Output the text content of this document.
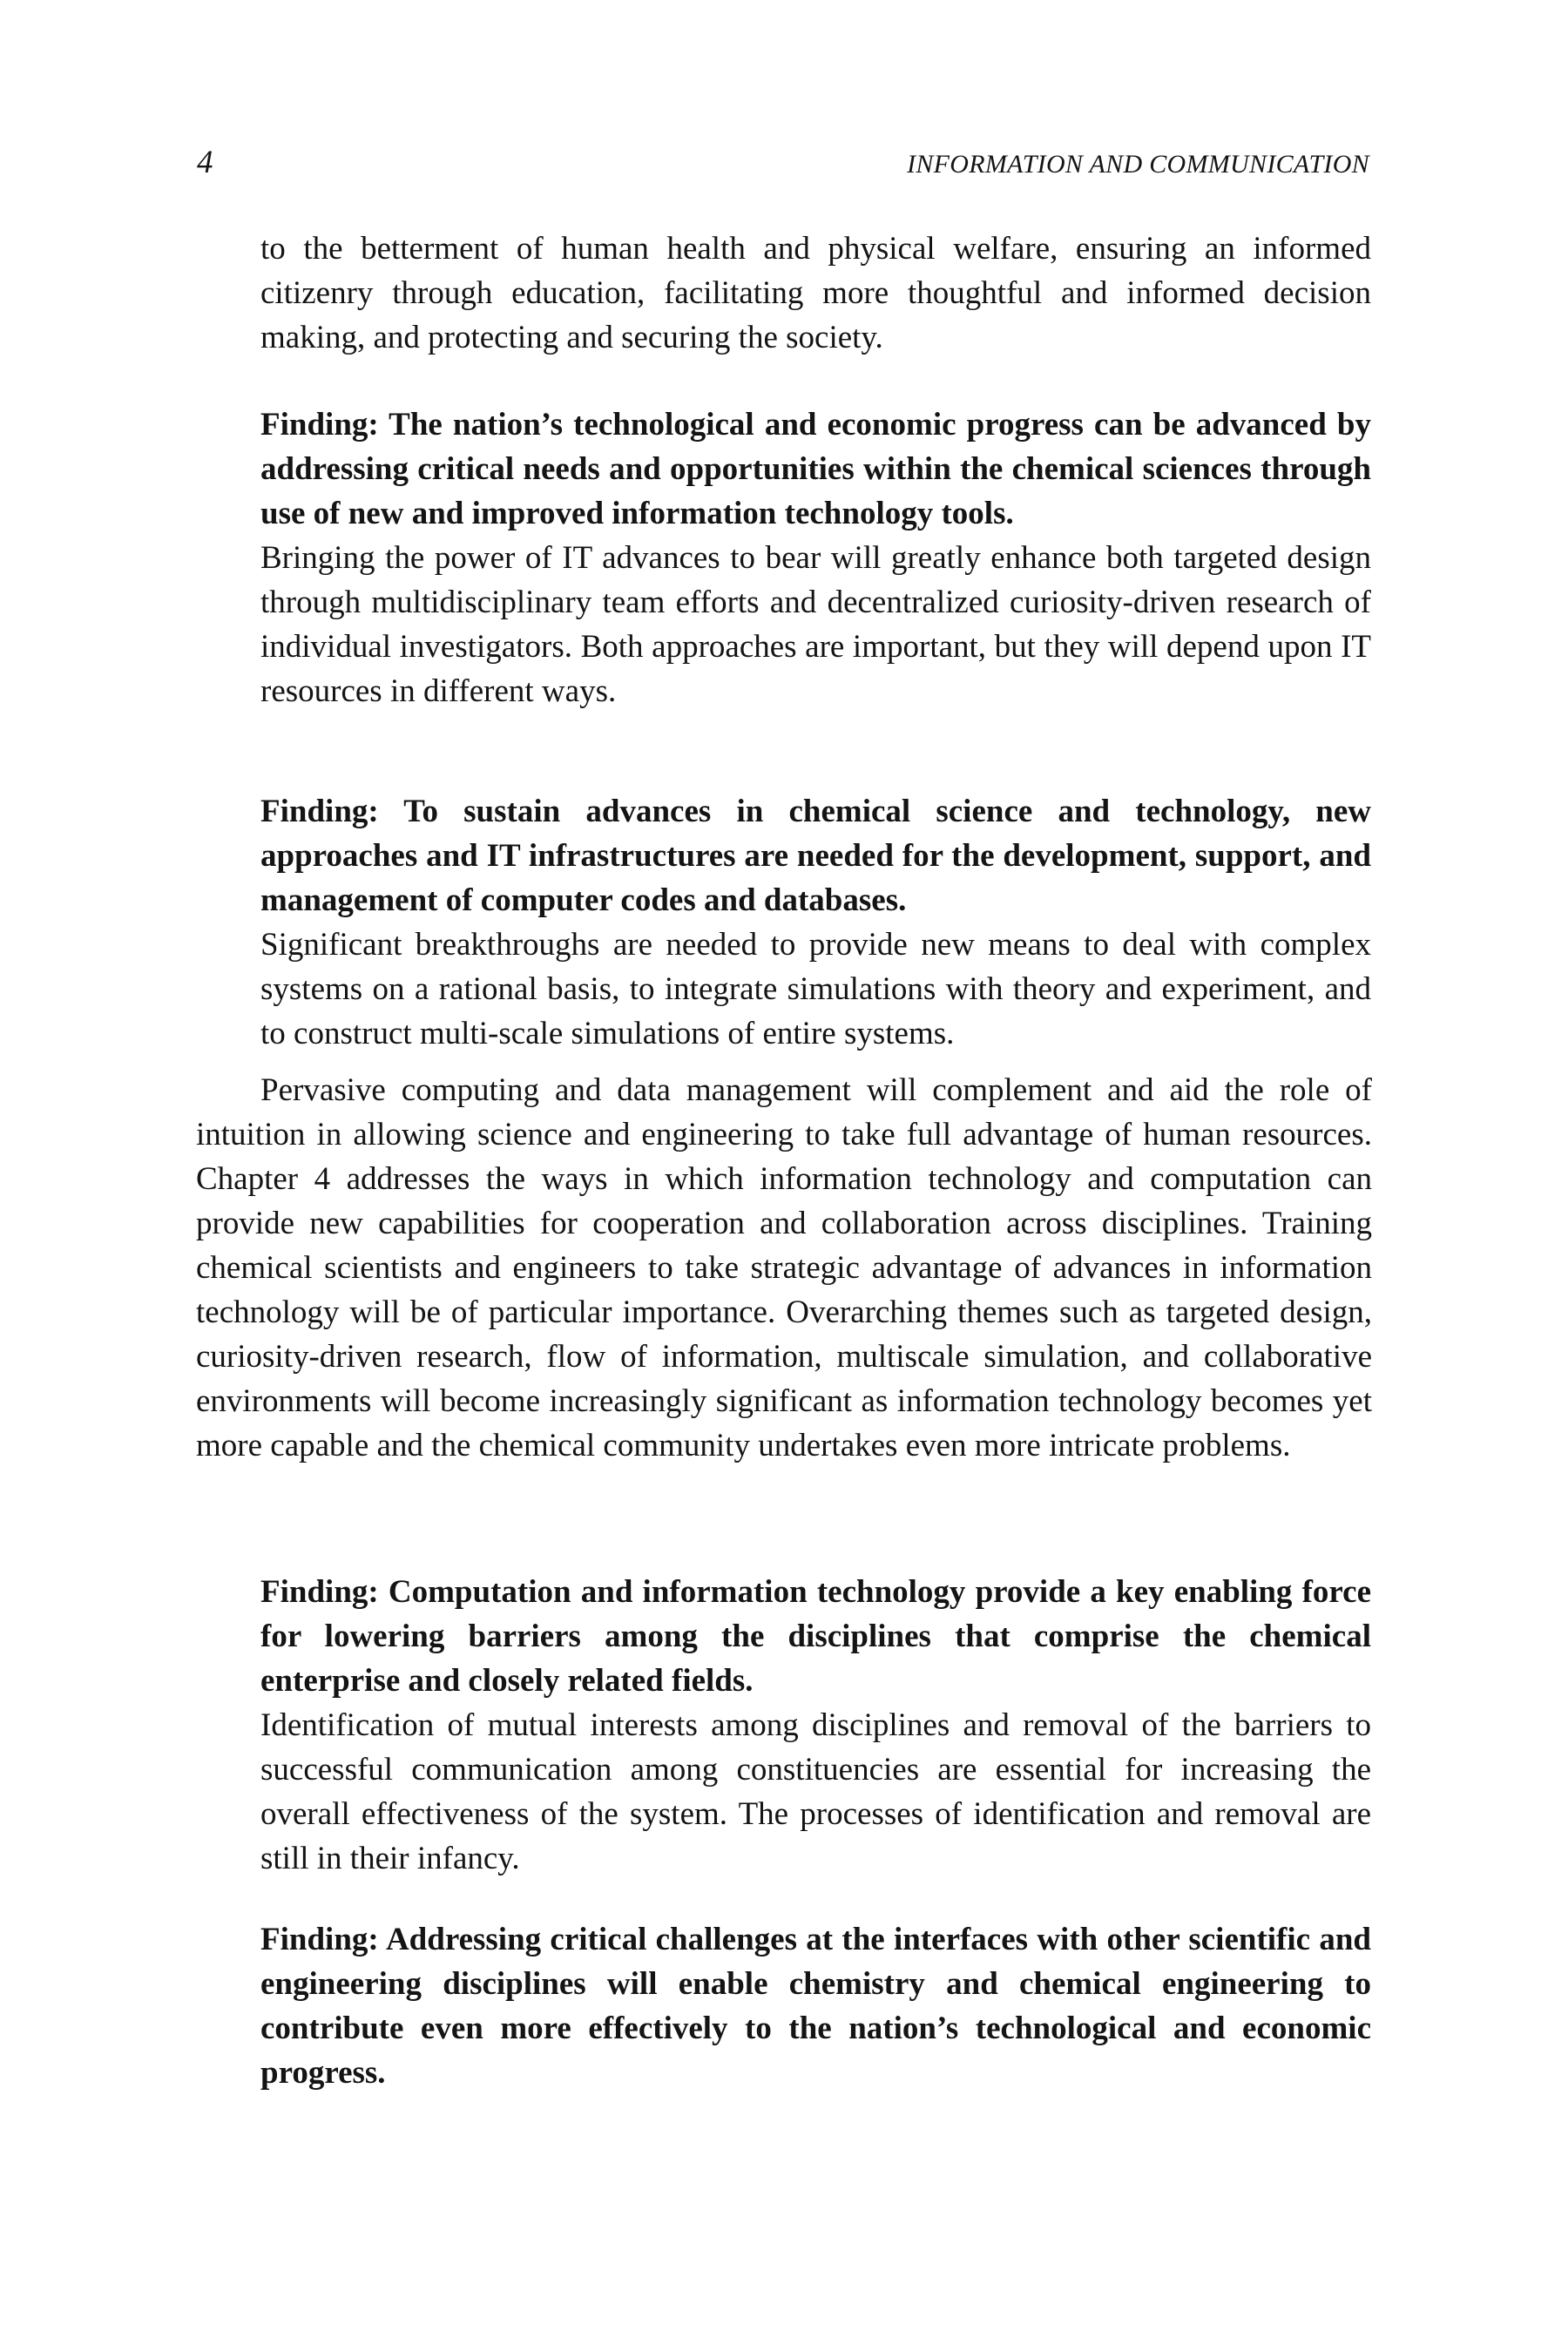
4	INFORMATION AND COMMUNICATION

to the betterment of human health and physical welfare, ensuring an informed citizenry through education, facilitating more thoughtful and informed decision making, and protecting and securing the society.

Finding: The nation’s technological and economic progress can be advanced by addressing critical needs and opportunities within the chemical sciences through use of new and improved information technology tools.

Bringing the power of IT advances to bear will greatly enhance both targeted design through multidisciplinary team efforts and decentralized curiosity-driven research of individual investigators. Both approaches are important, but they will depend upon IT resources in different ways.

Finding: To sustain advances in chemical science and technology, new approaches and IT infrastructures are needed for the development, support, and management of computer codes and databases.

Significant breakthroughs are needed to provide new means to deal with complex systems on a rational basis, to integrate simulations with theory and experiment, and to construct multi-scale simulations of entire systems.

Pervasive computing and data management will complement and aid the role of intuition in allowing science and engineering to take full advantage of human resources. Chapter 4 addresses the ways in which information technology and computation can provide new capabilities for cooperation and collaboration across disciplines. Training chemical scientists and engineers to take strategic advantage of advances in information technology will be of particular importance. Overarching themes such as targeted design, curiosity-driven research, flow of information, multiscale simulation, and collaborative environments will become increasingly significant as information technology becomes yet more capable and the chemical community undertakes even more intricate problems.

Finding: Computation and information technology provide a key enabling force for lowering barriers among the disciplines that comprise the chemical enterprise and closely related fields.

Identification of mutual interests among disciplines and removal of the barriers to successful communication among constituencies are essential for increasing the overall effectiveness of the system. The processes of identification and removal are still in their infancy.

Finding: Addressing critical challenges at the interfaces with other scientific and engineering disciplines will enable chemistry and chemical engineering to contribute even more effectively to the nation’s technological and economic progress.
